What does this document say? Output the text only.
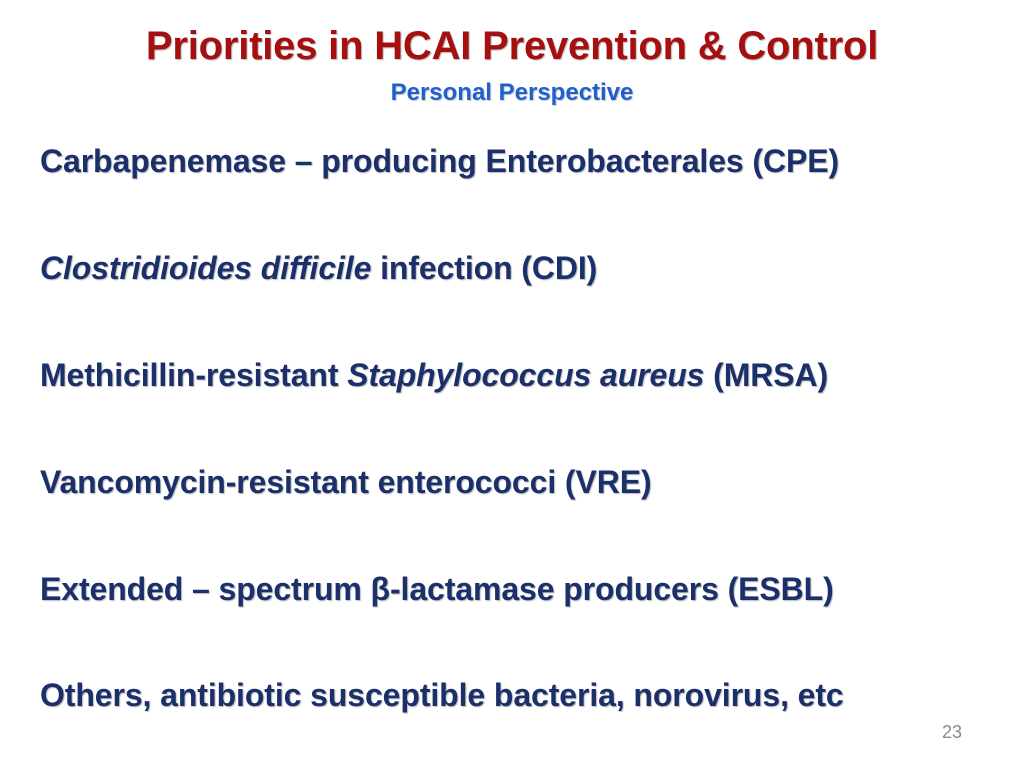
Priorities in HCAI Prevention & Control
Personal Perspective
Carbapenemase – producing Enterobacterales (CPE)
Clostridioides difficile infection (CDI)
Methicillin-resistant Staphylococcus aureus (MRSA)
Vancomycin-resistant enterococci (VRE)
Extended – spectrum β-lactamase producers (ESBL)
Others, antibiotic susceptible bacteria, norovirus, etc
23
